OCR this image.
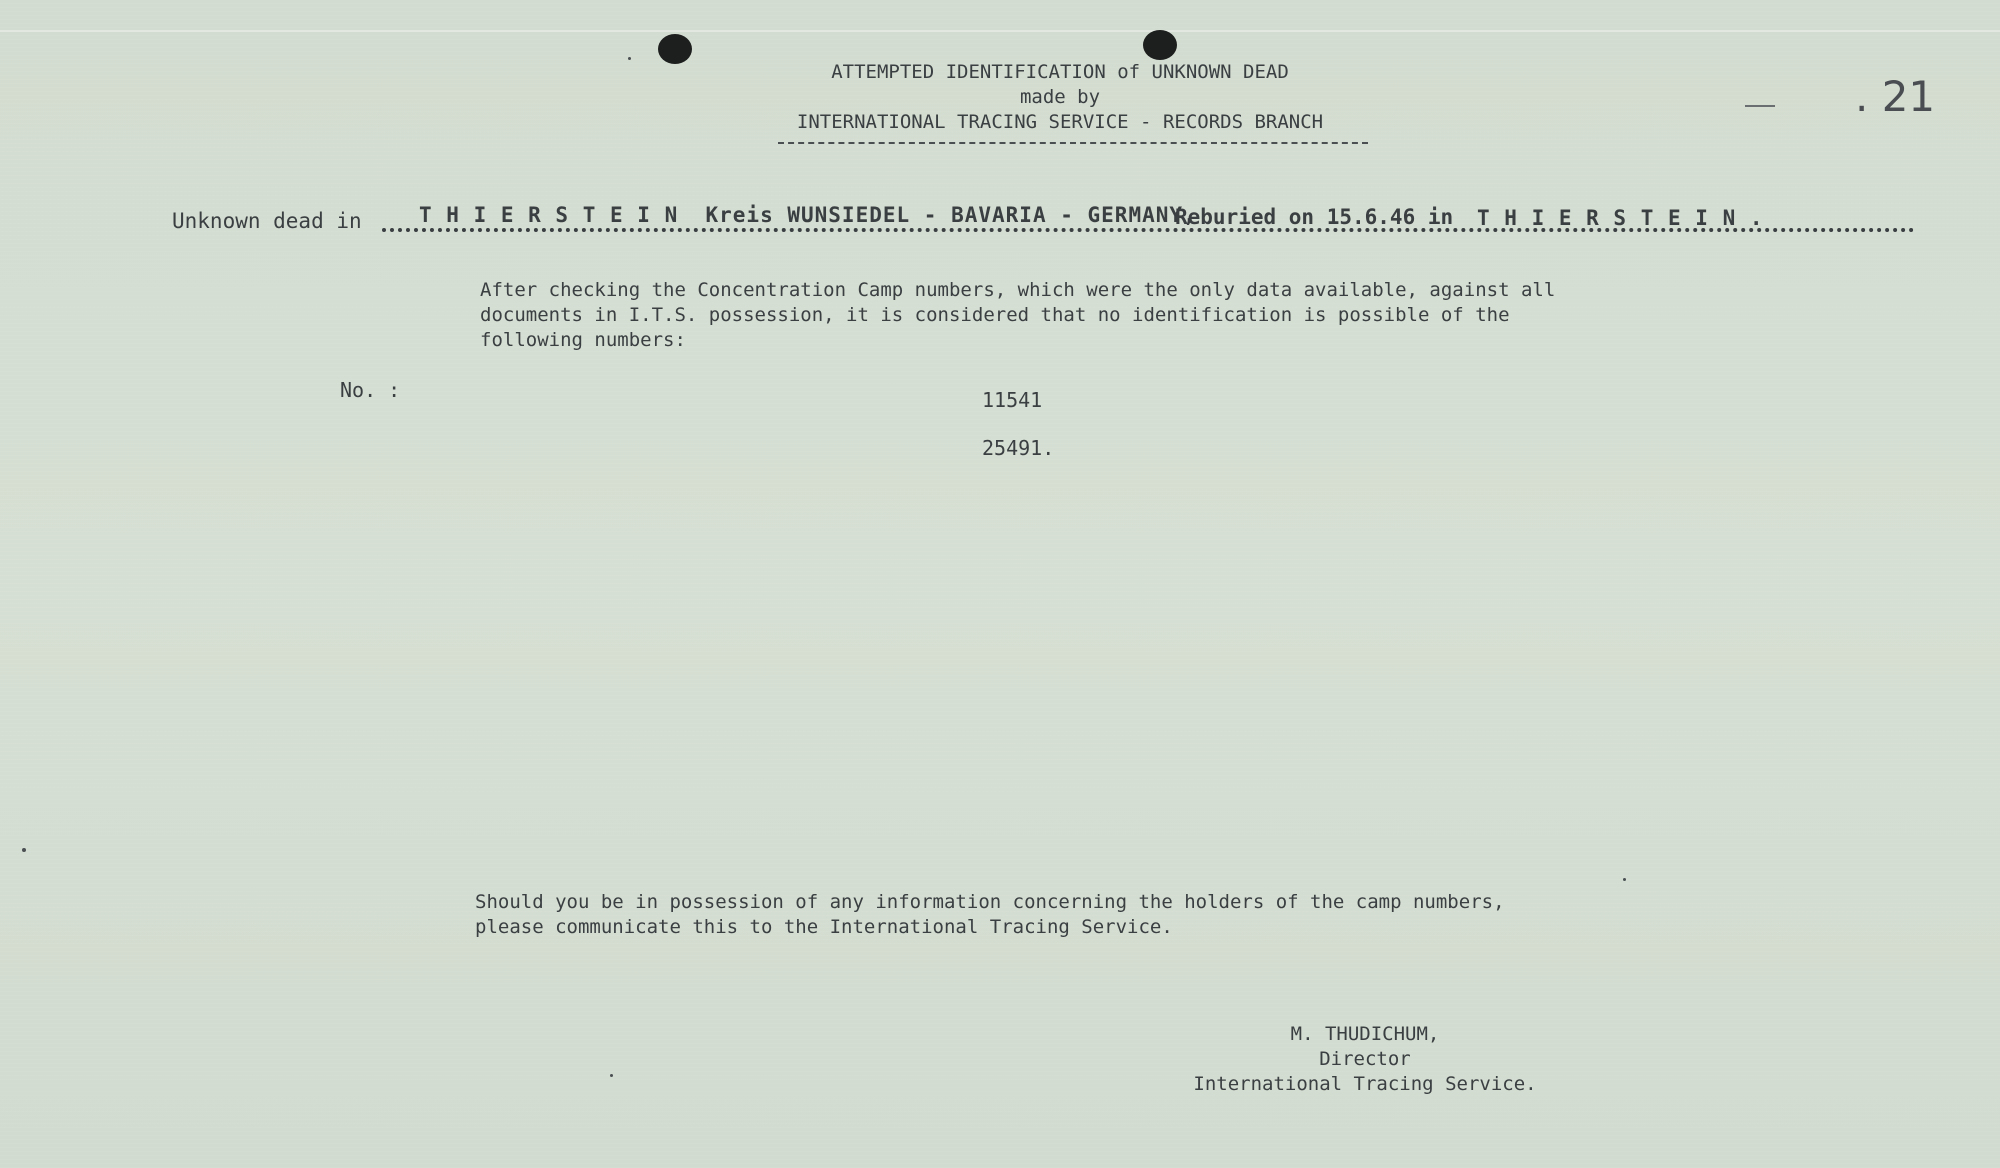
ATTEMPTED IDENTIFICATION of UNKNOWN DEAD
made by
INTERNATIONAL TRACING SERVICE - RECORDS BRANCH
. 21

Unknown dead in

	T H I E R S T E I N  Kreis WUNSIEDEL - BAVARIA - GERMANY,

Reburied on 15.6.46 in

T H I E R S T E I N .

After checking the Concentration Camp numbers, which were the only data available, against all
documents in I.T.S. possession, it is considered that no identification is possible of the
following numbers:
No. :	11541
25491.
Should you be in possession of any information concerning the holders of the camp numbers,
please communicate this to the International Tracing Service.
M. THUDICHUM,
Director
International Tracing Service.
